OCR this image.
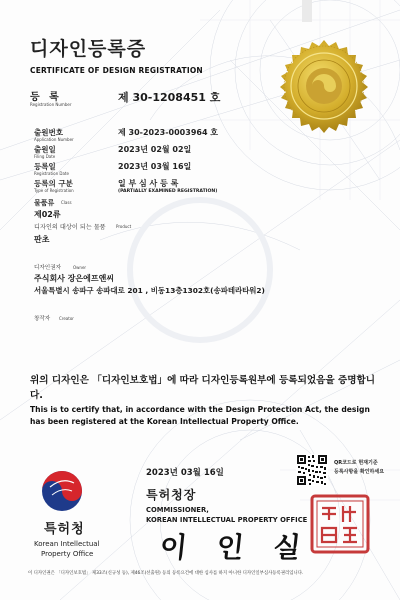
디자인등록증
CERTIFICATE OF DESIGN REGISTRATION
등 록
Registration Number
제 30-1208451 호
출원번호
Application Number
제 30-2023-0003964 호
출원일
Filing Date
2023년 02월 02일
등록일
Registration Date
2023년 03월 16일
등록의 구분
Type of Registration
일 부 심 사 등 록
(PARTIALLY EXAMINED REGISTRATION)
물품류 Class
제02류
디자인의 대상이 되는 물품	Product
판초
디자인권자	Owner
주식회사 장은에프앤씨
서울특별시 송파구 송파대로 201 , 비동13층1302호(송파테라타워2)
창작자 Creator
위의 디자인은 「디자인보호법」에 따라 디자인등록원부에 등록되었음을 증명합니다.
This is to certify that, in accordance with the Design Protection Act, the design has been registered at the Korean Intellectual Property Office.
2023년 03월 16일
QR코드로 현재기준
등록사항을 확인하세요
특허청
Korean Intellectual
Property Office
특허청장
COMMISSIONER,
KOREAN INTELLECTUAL PROPERTY OFFICE
이 인 실
이 디자인권은 「디자인보호법」 제33조(신규성 등), 제46조(선출원) 등의 등록요건에 대한 심사를 하지 아니한 디자인일부심사등록권리입니다.
